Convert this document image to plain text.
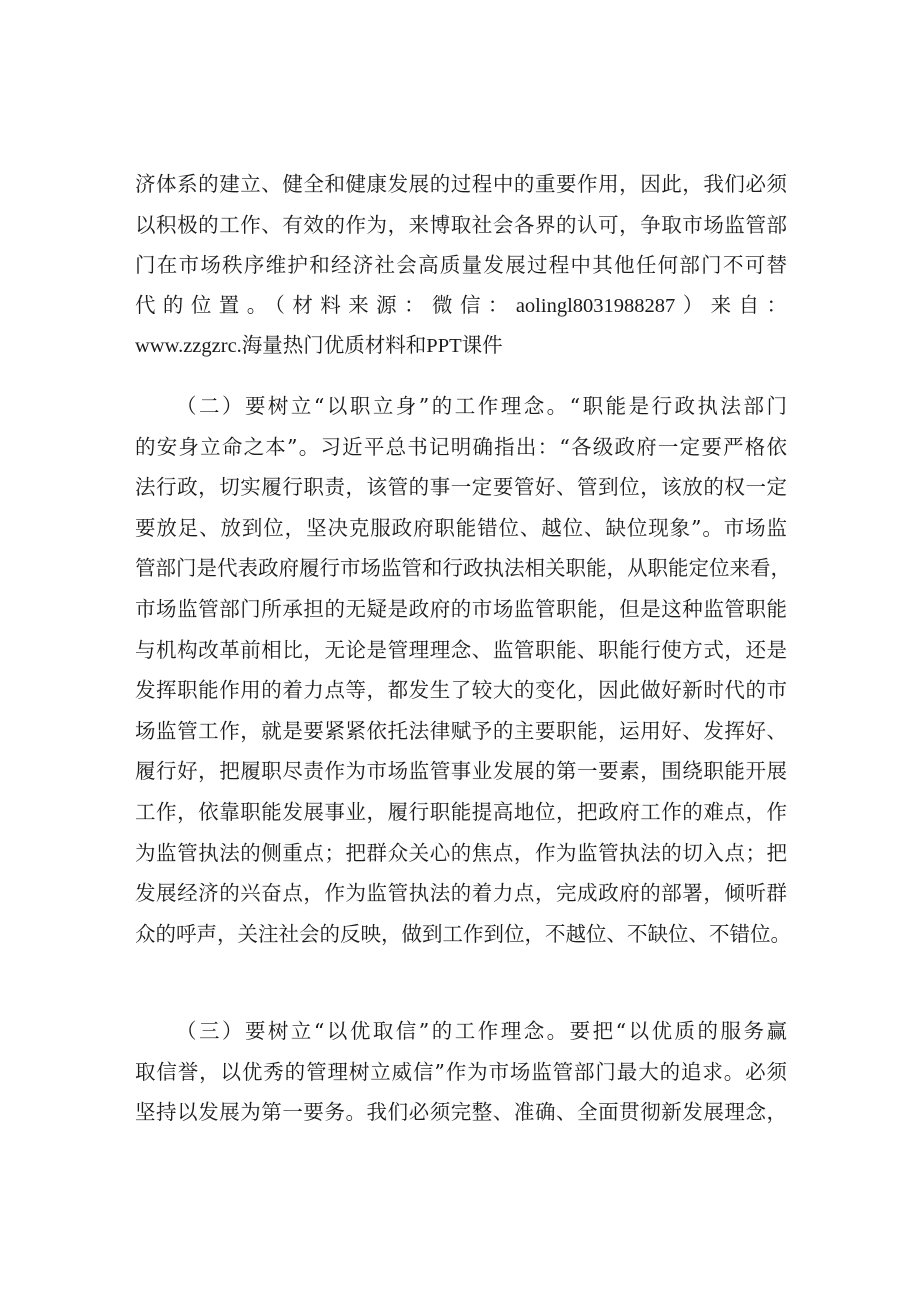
济体系的建立、健全和健康发展的过程中的重要作用，因此，我们必须
以积极的工作、有效的作为，来博取社会各界的认可，争取市场监管部
门在市场秩序维护和经济社会高质量发展过程中其他任何部门不可替
代的位置。（材料来源：微信：aolingl8031988287）来自：
www.zzgzrc.海量热门优质材料和PPT课件
（二）要树立“以职立身”的工作理念。“职能是行政执法部门
的安身立命之本”。习近平总书记明确指出：“各级政府一定要严格依
法行政，切实履行职责，该管的事一定要管好、管到位，该放的权一定
要放足、放到位，坚决克服政府职能错位、越位、缺位现象”。市场监
管部门是代表政府履行市场监管和行政执法相关职能，从职能定位来看，
市场监管部门所承担的无疑是政府的市场监管职能，但是这种监管职能
与机构改革前相比，无论是管理理念、监管职能、职能行使方式，还是
发挥职能作用的着力点等，都发生了较大的变化，因此做好新时代的市
场监管工作，就是要紧紧依托法律赋予的主要职能，运用好、发挥好、
履行好，把履职尽责作为市场监管事业发展的第一要素，围绕职能开展
工作，依靠职能发展事业，履行职能提高地位，把政府工作的难点，作
为监管执法的侧重点；把群众关心的焦点，作为监管执法的切入点；把
发展经济的兴奋点，作为监管执法的着力点，完成政府的部署，倾听群
众的呼声，关注社会的反映，做到工作到位，不越位、不缺位、不错位。
（三）要树立“以优取信”的工作理念。要把“以优质的服务赢
取信誉，以优秀的管理树立威信”作为市场监管部门最大的追求。必须
坚持以发展为第一要务。我们必须完整、准确、全面贯彻新发展理念，
